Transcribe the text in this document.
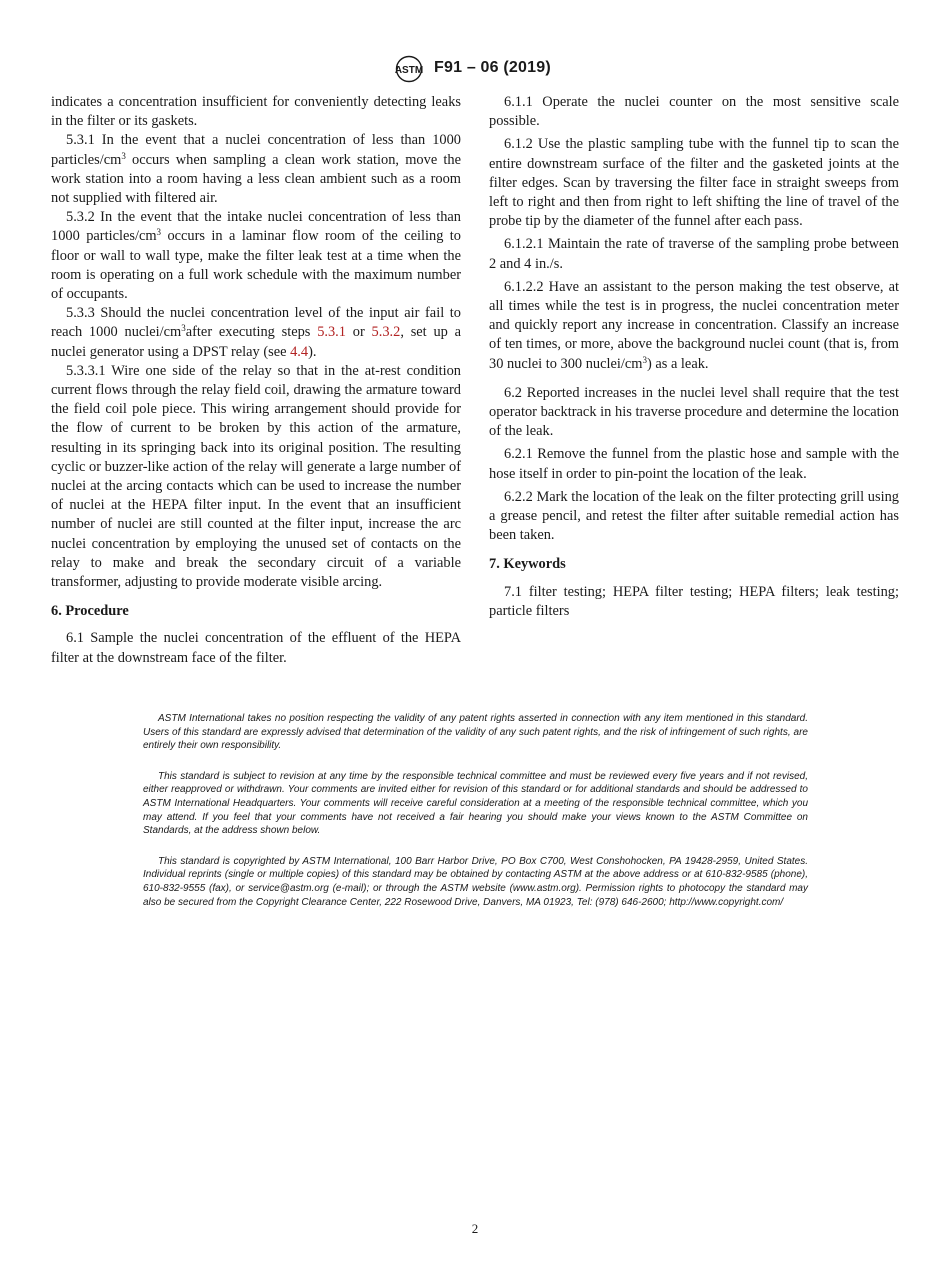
ASTM F91 – 06 (2019)

indicates a concentration insufficient for conveniently detecting leaks in the filter or its gaskets.

5.3.1 In the event that a nuclei concentration of less than 1000 particles/$cm^3$ occurs when sampling a clean work station, move the work station into a room having a less clean ambient such as a room not supplied with filtered air.

5.3.2 In the event that the intake nuclei concentration of less than 1000 particles/$cm^3$ occurs in a laminar flow room of the ceiling to floor or wall to wall type, make the filter leak test at a time when the room is operating on a full work schedule with the maximum number of occupants.

5.3.3 Should the nuclei concentration level of the input air fail to reach 1000 nuclei/$cm^3after$ executing steps 5.3.1 or 5.3.2, set up a nuclei generator using a DPST relay (see 4.4).

5.3.3.1 Wire one side of the relay so that in the at-rest condition current flows through the relay field coil, drawing the armature toward the field coil pole piece. This wiring arrangement should provide for the flow of current to be broken by this action of the armature, resulting in its springing back into its original position. The resulting cyclic or buzzer-like action of the relay will generate a large number of nuclei at the arcing contacts which can be used to increase the number of nuclei at the HEPA filter input. In the event that an insufficient number of nuclei are still counted at the filter input, increase the arc nuclei concentration by employing the unused set of contacts on the relay to make and break the secondary circuit of a variable transformer, adjusting to provide moderate visible arcing.

6. Procedure

6.1 Sample the nuclei concentration of the effluent of the HEPA filter at the downstream face of the filter.

6.1.1 Operate the nuclei counter on the most sensitive scale possible.

6.1.2 Use the plastic sampling tube with the funnel tip to scan the entire downstream surface of the filter and the gasketed joints at the filter edges. Scan by traversing the filter face in straight sweeps from left to right and then from right to left shifting the line of travel of the probe tip by the diameter of the funnel after each pass.

6.1.2.1 Maintain the rate of traverse of the sampling probe between 2 and 4 in./s.

6.1.2.2 Have an assistant to the person making the test observe, at all times while the test is in progress, the nuclei concentration meter and quickly report any increase in concentration. Classify an increase of ten times, or more, above the background nuclei count (that is, from 30 nuclei to 300 nuclei/$cm^3$) as a leak.

6.2 Reported increases in the nuclei level shall require that the test operator backtrack in his traverse procedure and determine the location of the leak.

6.2.1 Remove the funnel from the plastic hose and sample with the hose itself in order to pin-point the location of the leak.

6.2.2 Mark the location of the leak on the filter protecting grill using a grease pencil, and retest the filter after suitable remedial action has been taken.

7. Keywords

7.1 filter testing; HEPA filter testing; HEPA filters; leak testing; particle filters

ASTM International takes no position respecting the validity of any patent rights asserted in connection with any item mentioned in this standard. Users of this standard are expressly advised that determination of the validity of any such patent rights, and the risk of infringement of such rights, are entirely their own responsibility.

This standard is subject to revision at any time by the responsible technical committee and must be reviewed every five years and if not revised, either reapproved or withdrawn. Your comments are invited either for revision of this standard or for additional standards and should be addressed to ASTM International Headquarters. Your comments will receive careful consideration at a meeting of the responsible technical committee, which you may attend. If you feel that your comments have not received a fair hearing you should make your views known to the ASTM Committee on Standards, at the address shown below.

This standard is copyrighted by ASTM International, 100 Barr Harbor Drive, PO Box C700, West Conshohocken, PA 19428-2959, United States. Individual reprints (single or multiple copies) of this standard may be obtained by contacting ASTM at the above address or at 610-832-9585 (phone), 610-832-9555 (fax), or service@astm.org (e-mail); or through the ASTM website (www.astm.org). Permission rights to photocopy the standard may also be secured from the Copyright Clearance Center, 222 Rosewood Drive, Danvers, MA 01923, Tel: (978) 646-2600; http://www.copyright.com/

2
